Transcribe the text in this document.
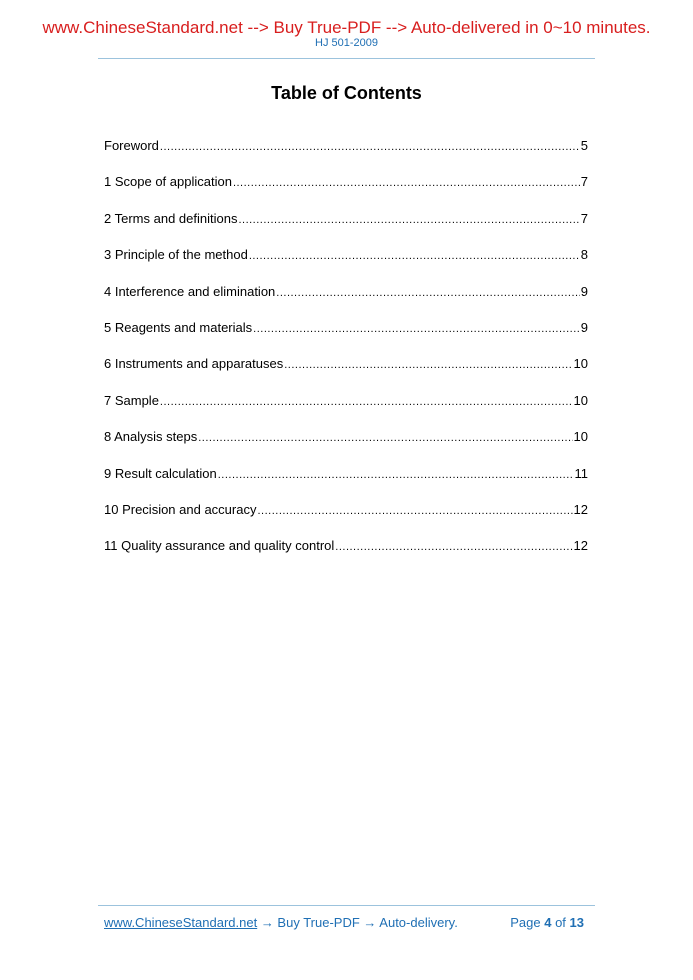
www.ChineseStandard.net --> Buy True-PDF --> Auto-delivered in 0~10 minutes.
HJ 501-2009
Table of Contents
Foreword .....	5
1 Scope of application .....	7
2 Terms and definitions .....	7
3 Principle of the method .....	8
4 Interference and elimination .....	9
5 Reagents and materials .....	9
6 Instruments and apparatuses .....	10
7 Sample .....	10
8 Analysis steps .....	10
9 Result calculation .....	11
10 Precision and accuracy .....	12
11 Quality assurance and quality control .....	12
www.ChineseStandard.net → Buy True-PDF → Auto-delivery.	Page 4 of 13
